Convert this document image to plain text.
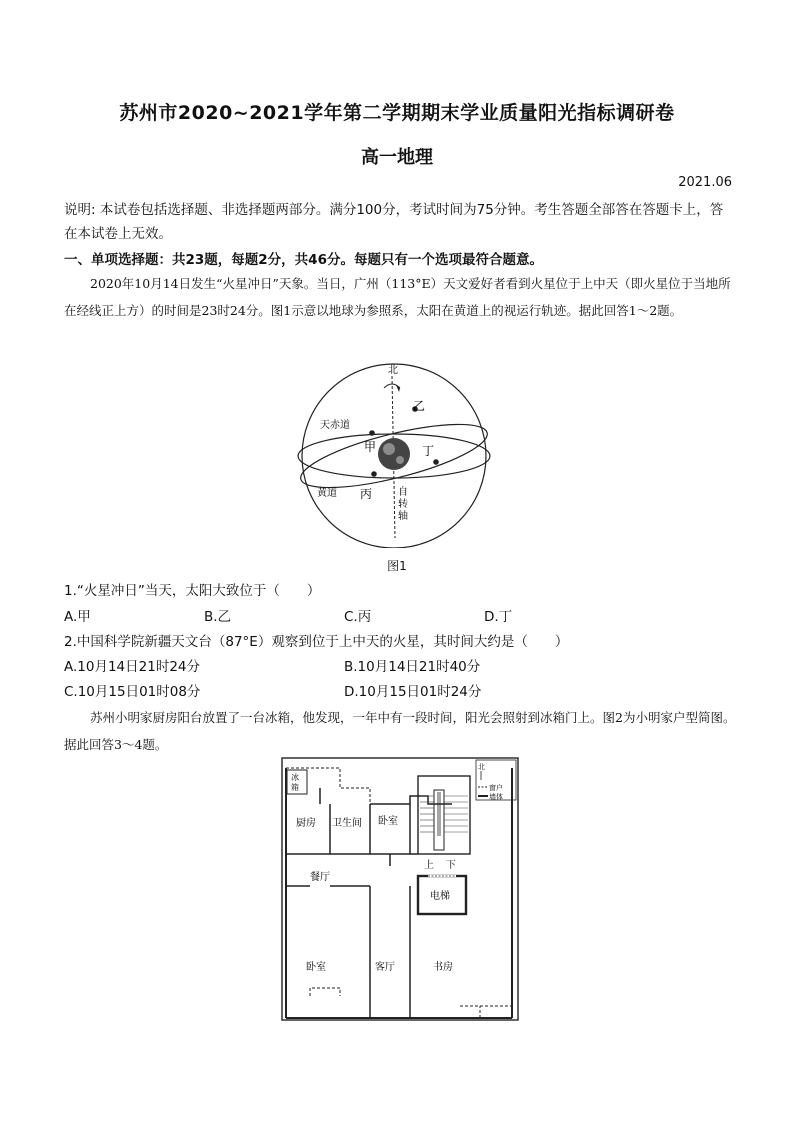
苏州市2020~2021学年第二学期期末学业质量阳光指标调研卷
高一地理
2021.06
说明: 本试卷包括选择题、非选择题两部分。满分100分，考试时间为75分钟。考生答题全部答在答题卡上，答在本试卷上无效。
一、单项选择题：共23题，每题2分，共46分。每题只有一个选项最符合题意。
2020年10月14日发生“火星冲日”天象。当日，广州（113°E）天文爱好者看到火星位于上中天（即火星位于当地所在经线正上方）的时间是23时24分。图1示意以地球为参照系，太阳在黄道上的视运行轨迹。据此回答1～2题。
北
天赤道
黄道	自
转
轴
甲
乙
丙
丁
图1
1.“火星冲日”当天，太阳大致位于（　　）
A.甲	B.乙	C.丙	D.丁
2.中国科学院新疆天文台（87°E）观察到位于上中天的火星，其时间大约是（　　）
A.10月14日21时24分	B.10月14日21时40分
C.10月15日01时08分	D.10月15日01时24分
苏州小明家厨房阳台放置了一台冰箱，他发现，一年中有一段时间，阳光会照射到冰箱门上。图2为小明家户型简图。据此回答3～4题。
冰
箱
北
窗户
墙体
厨房 卫生间 卧室
餐厅
电梯
卧室	客厅	书房
上 下
